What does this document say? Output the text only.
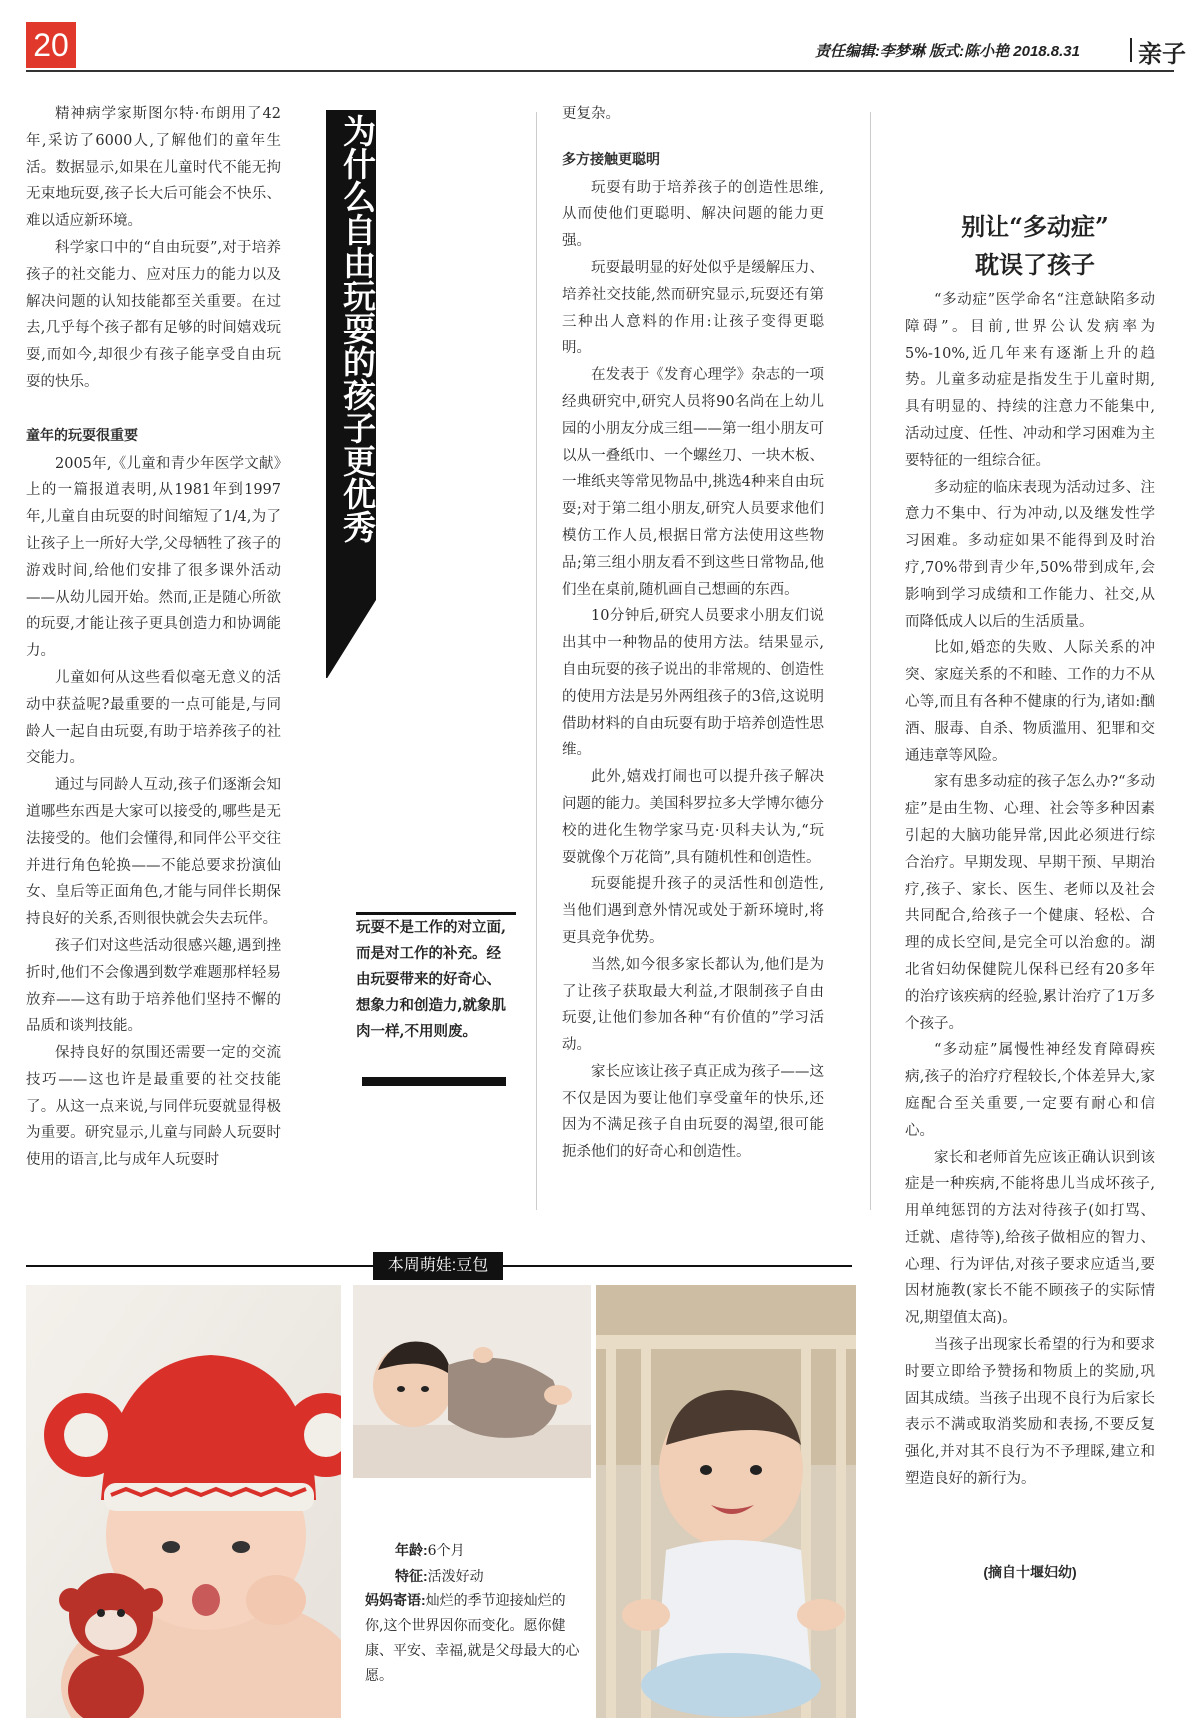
20	责任编辑:李梦琳 版式:陈小艳 2018.8.31 亲子

精神病学家斯图尔特·布朗用了42年,采访了6000人,了解他们的童年生活。数据显示,如果在儿童时代不能无拘无束地玩耍,孩子长大后可能会不快乐、难以适应新环境。

科学家口中的“自由玩耍”,对于培养孩子的社交能力、应对压力的能力以及解决问题的认知技能都至关重要。在过去,几乎每个孩子都有足够的时间嬉戏玩耍,而如今,却很少有孩子能享受自由玩耍的快乐。

童年的玩耍很重要

2005年,《儿童和青少年医学文献》上的一篇报道表明,从1981年到1997年,儿童自由玩耍的时间缩短了1/4,为了让孩子上一所好大学,父母牺牲了孩子的游戏时间,给他们安排了很多课外活动——从幼儿园开始。然而,正是随心所欲的玩耍,才能让孩子更具创造力和协调能力。

儿童如何从这些看似毫无意义的活动中获益呢?最重要的一点可能是,与同龄人一起自由玩耍,有助于培养孩子的社交能力。

通过与同龄人互动,孩子们逐渐会知道哪些东西是大家可以接受的,哪些是无法接受的。他们会懂得,和同伴公平交往并进行角色轮换——不能总要求扮演仙女、皇后等正面角色,才能与同伴长期保持良好的关系,否则很快就会失去玩伴。

孩子们对这些活动很感兴趣,遇到挫折时,他们不会像遇到数学难题那样轻易放弃——这有助于培养他们坚持不懈的品质和谈判技能。

保持良好的氛围还需要一定的交流技巧——这也许是最重要的社交技能了。从这一点来说,与同伴玩耍就显得极为重要。研究显示,儿童与同龄人玩耍时使用的语言,比与成年人玩耍时

为什么自由玩耍的孩子更优秀
玩耍不是工作的对立面,而是对工作的补充。经由玩耍带来的好奇心、想象力和创造力,就象肌肉一样,不用则废。

更复杂。

多方接触更聪明

玩耍有助于培养孩子的创造性思维,从而使他们更聪明、解决问题的能力更强。

玩耍最明显的好处似乎是缓解压力、培养社交技能,然而研究显示,玩耍还有第三种出人意料的作用:让孩子变得更聪明。

在发表于《发育心理学》杂志的一项经典研究中,研究人员将90名尚在上幼儿园的小朋友分成三组——第一组小朋友可以从一叠纸巾、一个螺丝刀、一块木板、一堆纸夹等常见物品中,挑选4种来自由玩耍;对于第二组小朋友,研究人员要求他们模仿工作人员,根据日常方法使用这些物品;第三组小朋友看不到这些日常物品,他们坐在桌前,随机画自己想画的东西。

10分钟后,研究人员要求小朋友们说出其中一种物品的使用方法。结果显示,自由玩耍的孩子说出的非常规的、创造性的使用方法是另外两组孩子的3倍,这说明借助材料的自由玩耍有助于培养创造性思维。

此外,嬉戏打闹也可以提升孩子解决问题的能力。美国科罗拉多大学博尔德分校的进化生物学家马克·贝科夫认为,“玩耍就像个万花筒”,具有随机性和创造性。

玩耍能提升孩子的灵活性和创造性,当他们遇到意外情况或处于新环境时,将更具竞争优势。

当然,如今很多家长都认为,他们是为了让孩子获取最大利益,才限制孩子自由玩耍,让他们参加各种“有价值的”学习活动。

家长应该让孩子真正成为孩子——这不仅是因为要让他们享受童年的快乐,还因为不满足孩子自由玩耍的渴望,很可能扼杀他们的好奇心和创造性。

别让“多动症”
耽误了孩子

“多动症”医学命名“注意缺陷多动障碍”。目前,世界公认发病率为5%-10%,近几年来有逐渐上升的趋势。儿童多动症是指发生于儿童时期,具有明显的、持续的注意力不能集中,活动过度、任性、冲动和学习困难为主要特征的一组综合征。

多动症的临床表现为活动过多、注意力不集中、行为冲动,以及继发性学习困难。多动症如果不能得到及时治疗,70%带到青少年,50%带到成年,会影响到学习成绩和工作能力、社交,从而降低成人以后的生活质量。

比如,婚恋的失败、人际关系的冲突、家庭关系的不和睦、工作的力不从心等,而且有各种不健康的行为,诸如:酗酒、服毒、自杀、物质滥用、犯罪和交通违章等风险。

家有患多动症的孩子怎么办?“多动症”是由生物、心理、社会等多种因素引起的大脑功能异常,因此必须进行综合治疗。早期发现、早期干预、早期治疗,孩子、家长、医生、老师以及社会共同配合,给孩子一个健康、轻松、合理的成长空间,是完全可以治愈的。湖北省妇幼保健院儿保科已经有20多年的治疗该疾病的经验,累计治疗了1万多个孩子。

“多动症”属慢性神经发育障碍疾病,孩子的治疗疗程较长,个体差异大,家庭配合至关重要,一定要有耐心和信心。

家长和老师首先应该正确认识到该症是一种疾病,不能将患儿当成坏孩子,用单纯惩罚的方法对待孩子(如打骂、迁就、虐待等),给孩子做相应的智力、心理、行为评估,对孩子要求应适当,要因材施教(家长不能不顾孩子的实际情况,期望值太高)。

当孩子出现家长希望的行为和要求时要立即给予赞扬和物质上的奖励,巩固其成绩。当孩子出现不良行为后家长表示不满或取消奖励和表扬,不要反复强化,并对其不良行为不予理睬,建立和塑造良好的新行为。

(摘自十堰妇幼)
本周萌娃:豆包
年龄:6个月
特征:活泼好动
妈妈寄语:灿烂的季节迎接灿烂的你,这个世界因你而变化。愿你健康、平安、幸福,就是父母最大的心愿。
